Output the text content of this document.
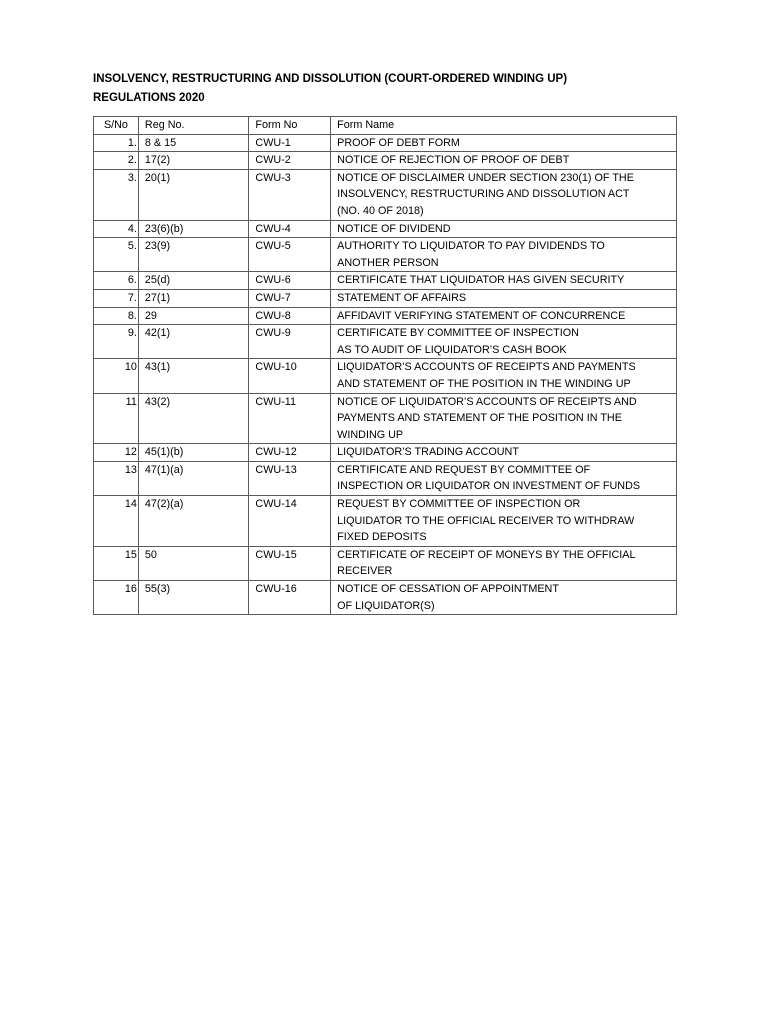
INSOLVENCY, RESTRUCTURING AND DISSOLUTION (COURT-ORDERED WINDING UP)
REGULATIONS 2020
S/No	Reg No.	Form No	Form Name
1.	8 & 15	CWU-1	PROOF OF DEBT FORM

2.	17(2)	CWU-2	NOTICE OF REJECTION OF PROOF OF DEBT

3.	20(1)	CWU-3	NOTICE OF DISCLAIMER UNDER SECTION 230(1) OF THE
INSOLVENCY, RESTRUCTURING AND DISSOLUTION ACT
(NO. 40 OF 2018)

4.	23(6)(b)	CWU-4	NOTICE OF DIVIDEND

5.	23(9)	CWU-5	AUTHORITY TO LIQUIDATOR TO PAY DIVIDENDS TO
ANOTHER PERSON

6.	25(d)	CWU-6	CERTIFICATE THAT LIQUIDATOR HAS GIVEN SECURITY

7.	27(1)	CWU-7	STATEMENT OF AFFAIRS

8.	29	CWU-8	AFFIDAVIT VERIFYING STATEMENT OF CONCURRENCE

9.	42(1)	CWU-9	CERTIFICATE BY COMMITTEE OF INSPECTION
AS TO AUDIT OF LIQUIDATOR’S CASH BOOK

10	43(1)	CWU-10	LIQUIDATOR’S ACCOUNTS OF RECEIPTS AND PAYMENTS
AND STATEMENT OF THE POSITION IN THE WINDING UP

11	43(2)	CWU-11	NOTICE OF LIQUIDATOR’S ACCOUNTS OF RECEIPTS AND
PAYMENTS AND STATEMENT OF THE POSITION IN THE
WINDING UP

12	45(1)(b)	CWU-12	LIQUIDATOR’S TRADING ACCOUNT

13	47(1)(a)	CWU-13	CERTIFICATE AND REQUEST BY COMMITTEE OF
INSPECTION OR LIQUIDATOR ON INVESTMENT OF FUNDS

14	47(2)(a)	CWU-14	REQUEST BY COMMITTEE OF INSPECTION OR
LIQUIDATOR TO THE OFFICIAL RECEIVER TO WITHDRAW
FIXED DEPOSITS

15	50	CWU-15	CERTIFICATE OF RECEIPT OF MONEYS BY THE OFFICIAL
RECEIVER

16	55(3)	CWU-16	NOTICE OF CESSATION OF APPOINTMENT
OF LIQUIDATOR(S)
